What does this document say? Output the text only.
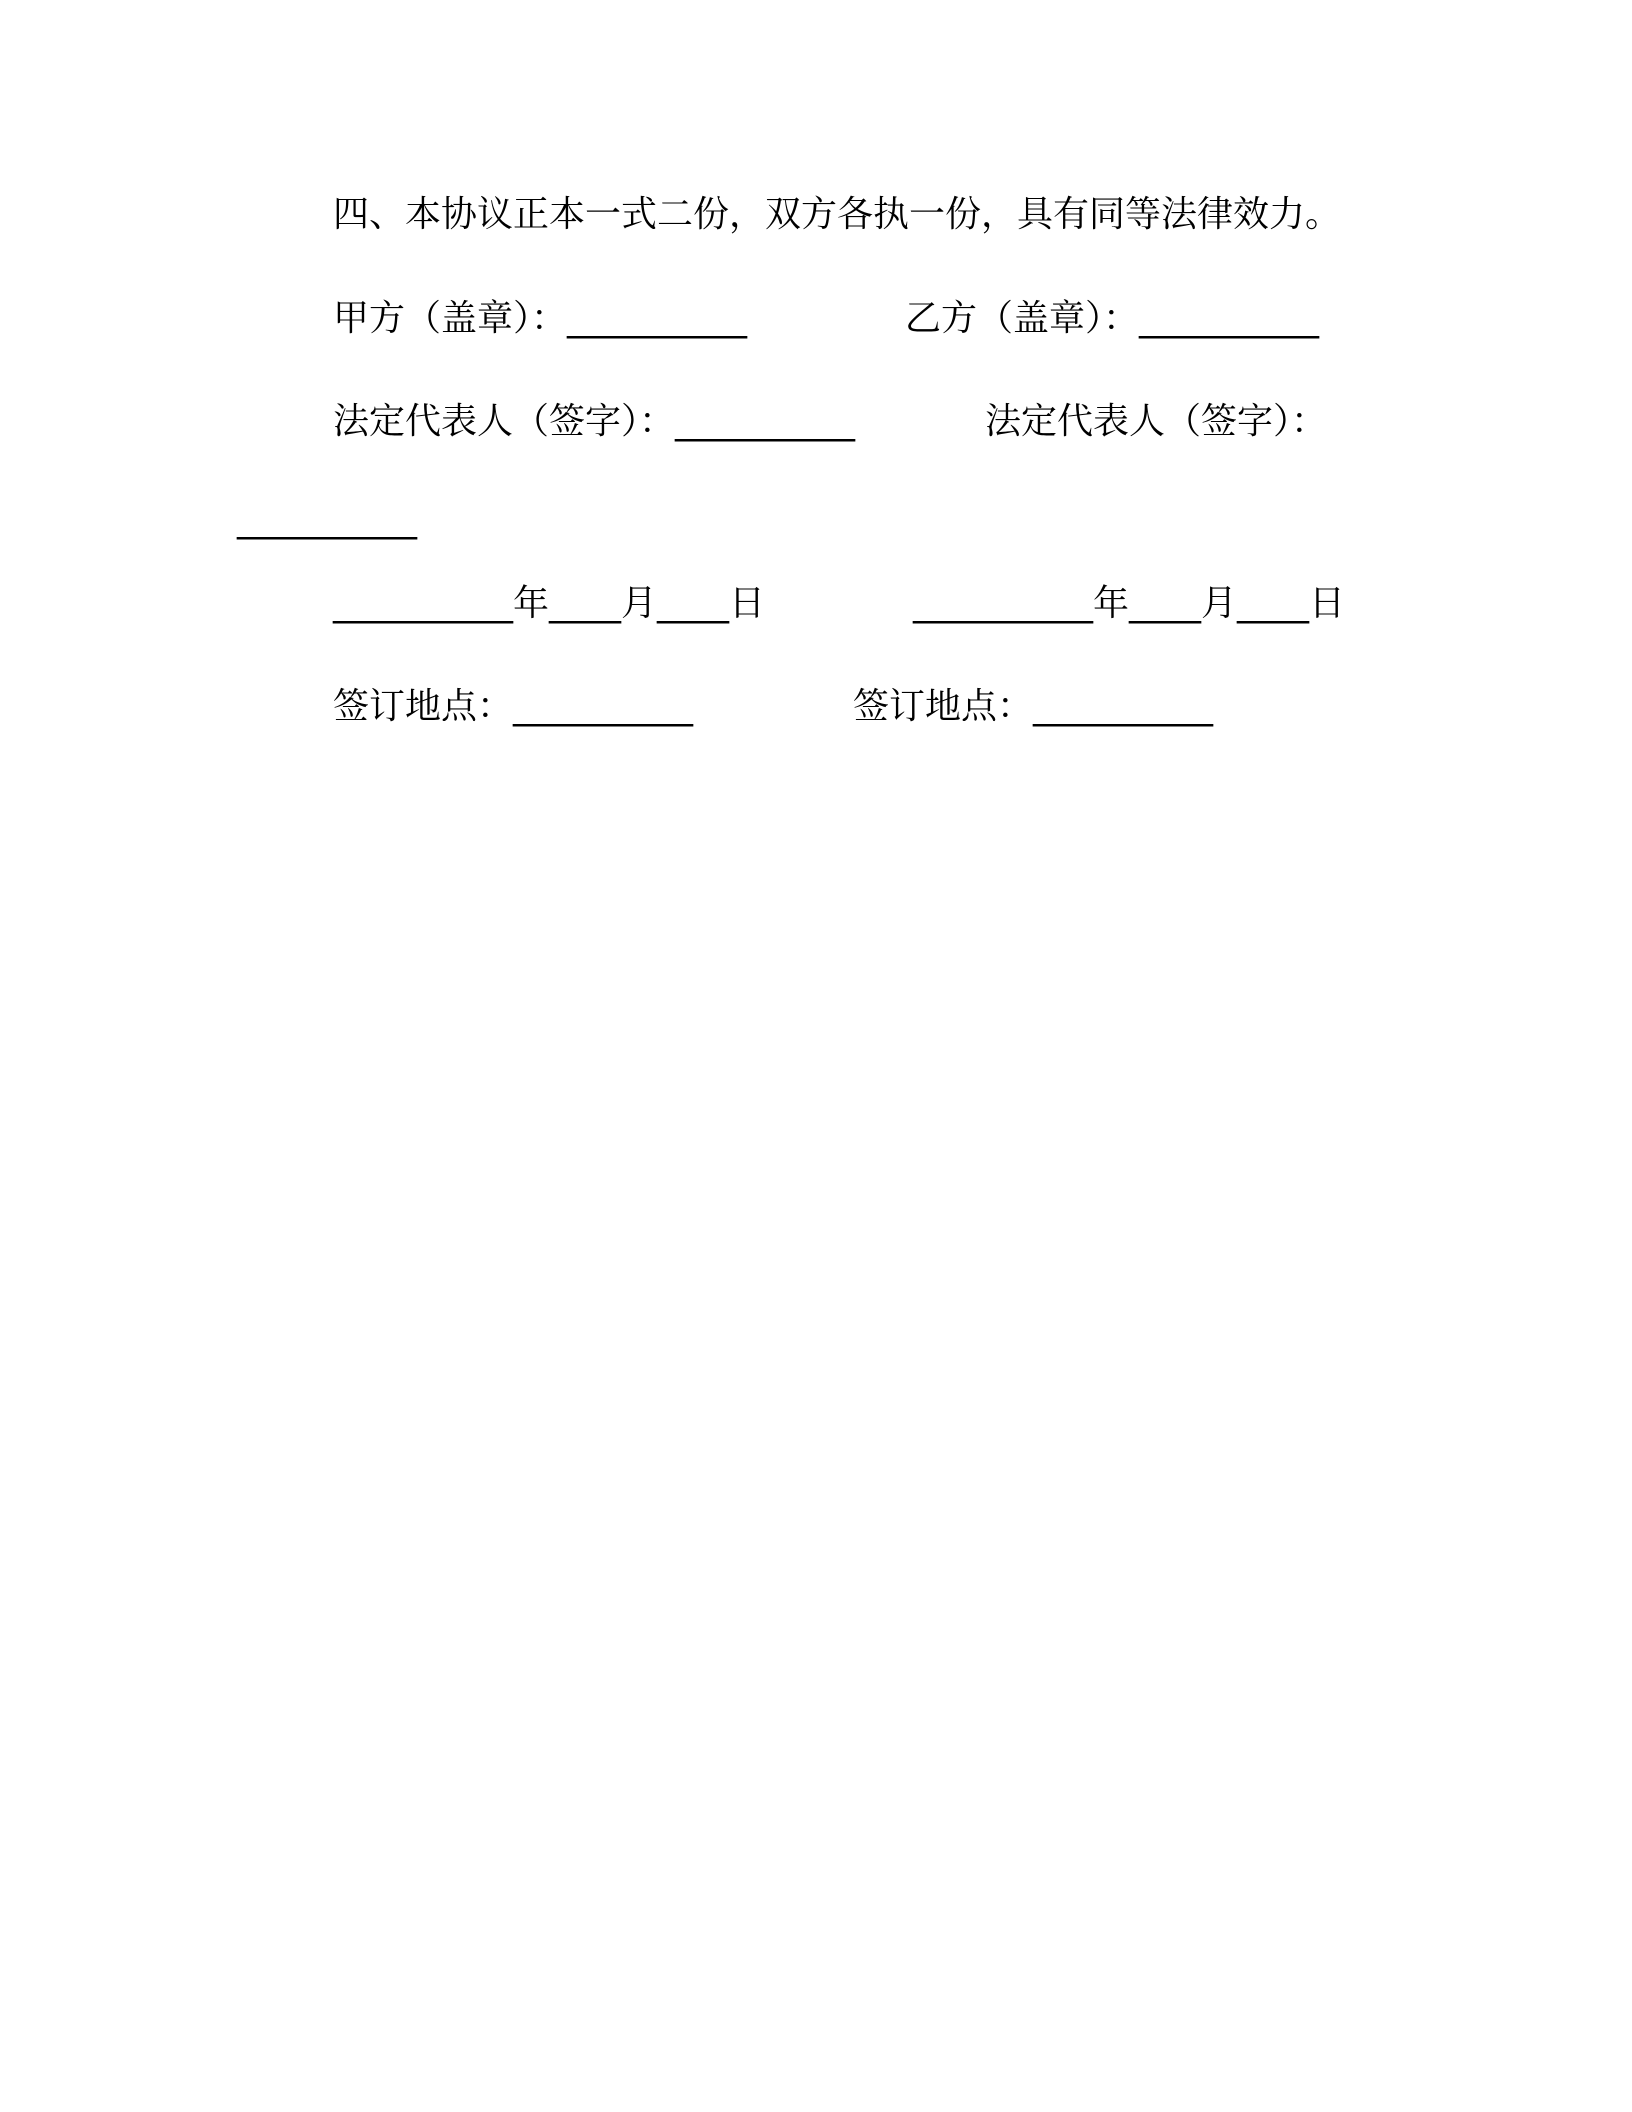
四、本协议正本一式二份，双方各执一份，具有同等法律效力。
甲方（盖章）：__________	乙方（盖章）：__________
法定代表人（签字）：__________	法定代表人（签字）：
__________
__________年____月____日	__________年____月____日
签订地点：__________	签订地点：__________
